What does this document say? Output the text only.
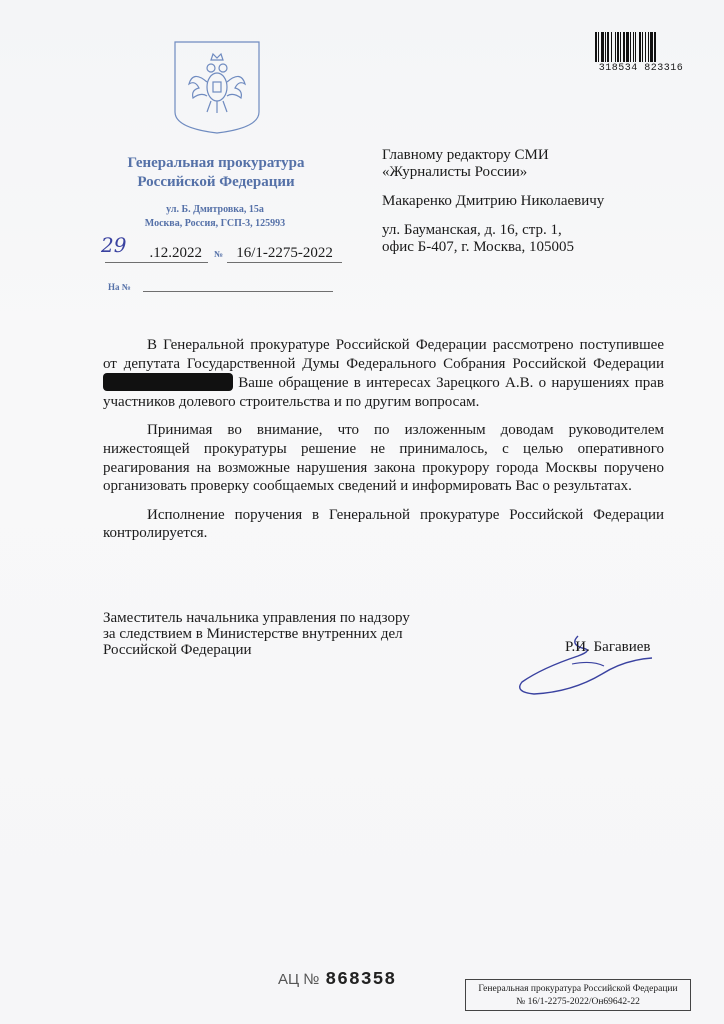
Генеральная прокуратура
Российской Федерации
ул. Б. Дмитровка, 15а
Москва, Россия, ГСП-3, 125993
29 .12.2022 № 16/1-2275-2022
На №
318534 823316

Главному редактору СМИ

«Журналисты России»

Макаренко Дмитрию Николаевичу

ул. Бауманская, д. 16, стр. 1,

офис Б-407, г. Москва, 105005

В Генеральной прокуратуре Российской Федерации рассмотрено поступившее от депутата Государственной Думы Федерального Собрания Российской Федерации  Ваше обращение в интересах Зарецкого А.В. о нарушениях прав участников долевого строительства и по другим вопросам.

Принимая во внимание, что по изложенным доводам руководителем нижестоящей прокуратуры решение не принималось, с целью оперативного реагирования на возможные нарушения закона прокурору города Москвы поручено организовать проверку сообщаемых сведений и информировать Вас о результатах.

Исполнение поручения в Генеральной прокуратуре Российской Федерации контролируется.

Заместитель начальника управления по надзору
за следствием в Министерстве внутренних дел
Российской Федерации	Р.И. Багавиев
АЦ № 868358	Генеральная прокуратура Российской Федерации
№ 16/1-2275-2022/Он69642-22
